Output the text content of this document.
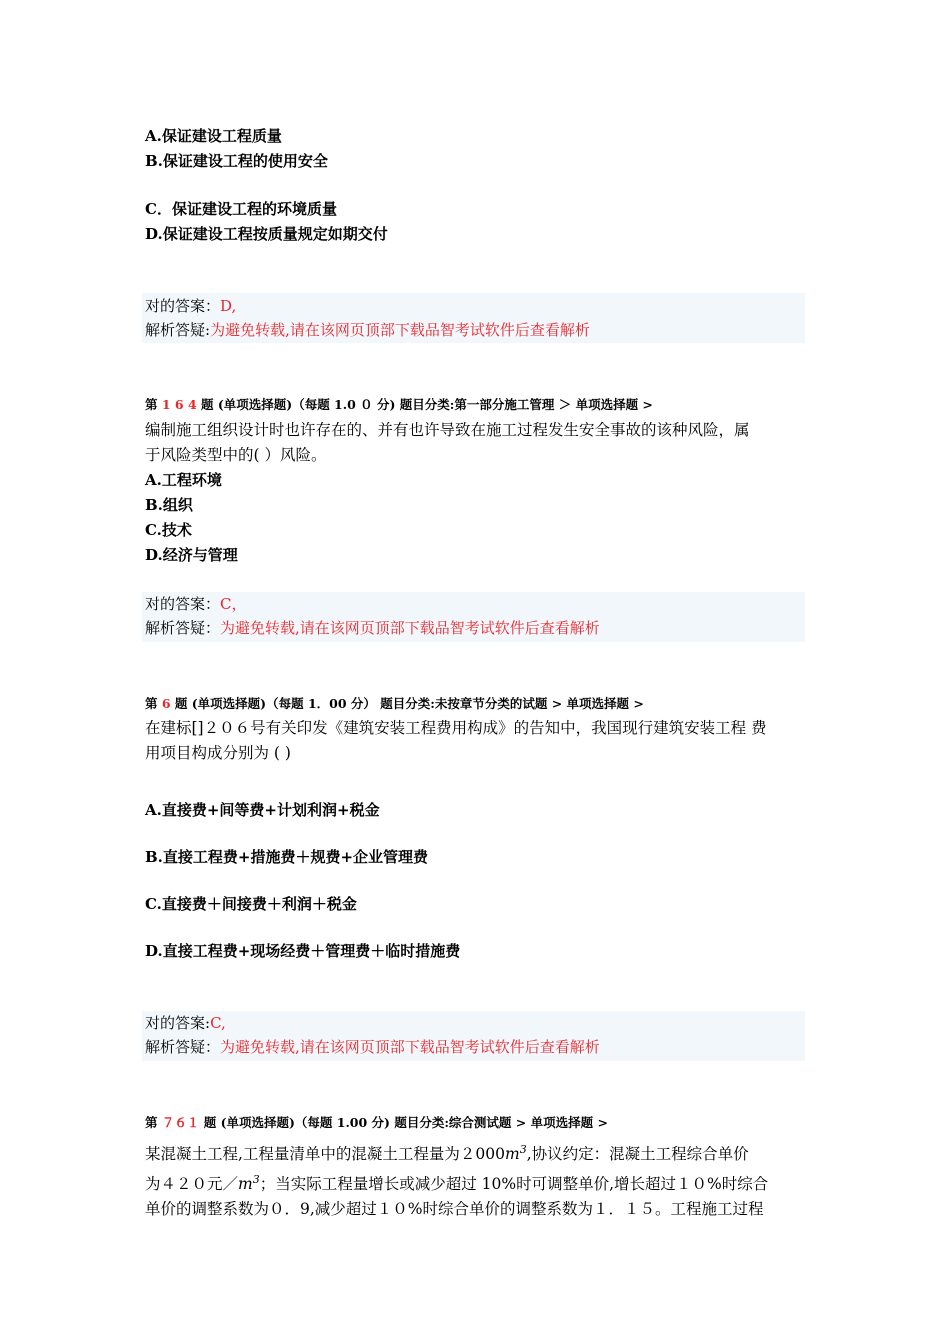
A.保证建设工程质量
B.保证建设工程的使用安全
C．保证建设工程的环境质量
D.保证建设工程按质量规定如期交付
对的答案：D,
解析答疑:为避免转载,请在该网页顶部下载品智考试软件后查看解析
第 1 6 4 题 (单项选择题)（每题 1.0 ０ 分) 题目分类:第一部分施工管理 ＞ 单项选择题 >
编制施工组织设计时也许存在的、并有也许导致在施工过程发生安全事故的该种风险，属
于风险类型中的( ）风险。
A.工程环境
B.组织
C.技术
D.经济与管理
对的答案：C，
解析答疑：为避免转载,请在该网页顶部下载品智考试软件后查看解析
第 6 题 (单项选择题)（每题 1．00 分） 题目分类:未按章节分类的试题 > 单项选择题 >
在建标[]２０６号有关印发《建筑安装工程费用构成》的告知中，我国现行建筑安装工程 费
用项目构成分别为 ( )
A.直接费+间等费+计划利润+税金
B.直接工程费+措施费＋规费+企业管理费
C.直接费＋间接费＋利润＋税金
D.直接工程费+现场经费＋管理费＋临时措施费
对的答案:C,
解析答疑：为避免转载,请在该网页顶部下载品智考试软件后查看解析
第 ７６１ 题 (单项选择题)（每题 1.00 分) 题目分类:综合测试题 > 单项选择题 >
某混凝土工程,工程量清单中的混凝土工程量为$2000m^3$,协议约定：混凝土工程综合单价
为４２０元$/m^3$；当实际工程量增长或减少超过 10%时可调整单价,增长超过１０%时综合
单价的调整系数为０．9,减少超过１０%时综合单价的调整系数为１．１５。工程施工过程
